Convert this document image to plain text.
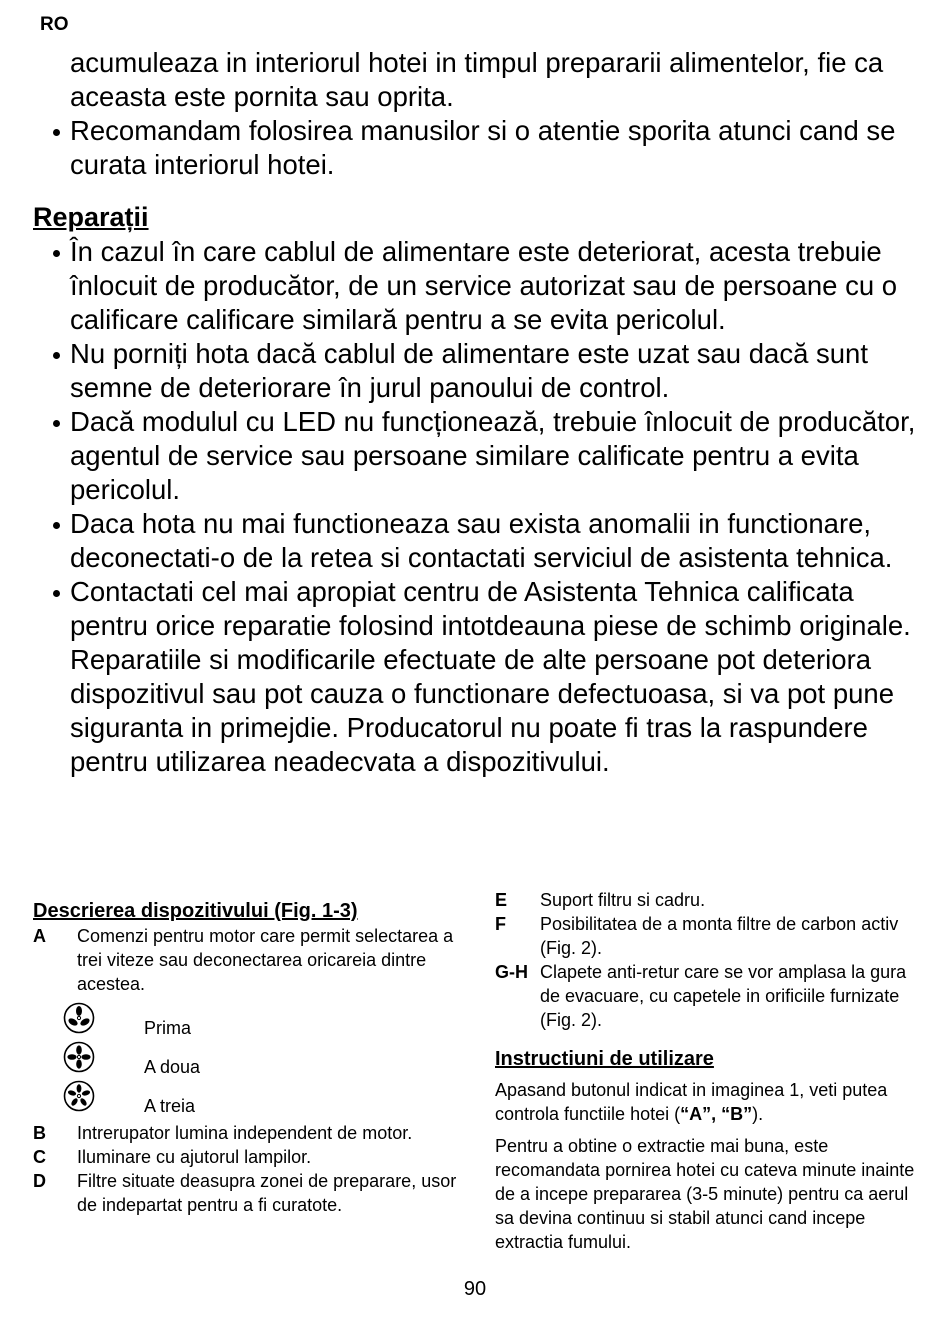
RO

acumuleaza in interiorul hotei in timpul prepararii alimentelor, fie ca aceasta este pornita sau oprita.

Recomandam folosirea manusilor si o atentie sporita atunci cand se curata interiorul hotei.
Reparații
În cazul în care cablul de alimentare este deteriorat, acesta trebuie înlocuit de producător, de un service autorizat sau de persoane cu o calificare calificare similară pentru a se evita pericolul.
Nu porniți hota dacă cablul de alimentare este uzat sau dacă sunt semne de deteriorare în jurul panoului de control.
Dacă modulul cu LED nu funcționează, trebuie înlocuit de producător, agentul de service sau persoane similare calificate pentru a evita pericolul.
Daca hota nu mai functioneaza sau exista anomalii in functionare, deconectati-o de la retea si contactati serviciul de asistenta tehnica.
Contactati cel mai apropiat centru de Asistenta Tehnica calificata pentru orice reparatie folosind intotdeauna piese de schimb originale. Reparatiile si modificarile efectuate de alte persoane pot deteriora dispozitivul sau pot cauza o functionare defectuoasa, si va pot pune siguranta in primejdie. Producatorul nu poate fi tras la raspundere pentru utilizarea neadecvata a dispozitivului.
Descrierea dispozitivului (Fig. 1-3)
A Comenzi pentru motor care permit selectarea a trei viteze sau deconectarea oricareia dintre acestea.
Prima
A doua
A treia
B Intrerupator lumina independent de motor.
C Iluminare cu ajutorul lampilor.
D Filtre situate deasupra zonei de preparare, usor de indepartat pentru a fi curatote.
E Suport filtru si cadru.
F Posibilitatea de a monta filtre de carbon activ (Fig. 2).
G-H Clapete anti-retur care se vor amplasa la gura de evacuare, cu capetele in orificiile furnizate (Fig. 2).
Instructiuni de utilizare

Apasand butonul indicat in imaginea 1, veti putea controla functiile hotei (“A”, “B”).

Pentru a obtine o extractie mai buna, este recomandata pornirea hotei cu cateva minute inainte de a incepe prepararea (3-5 minute) pentru ca aerul sa devina continuu si stabil atunci cand incepe extractia fumului.

90
